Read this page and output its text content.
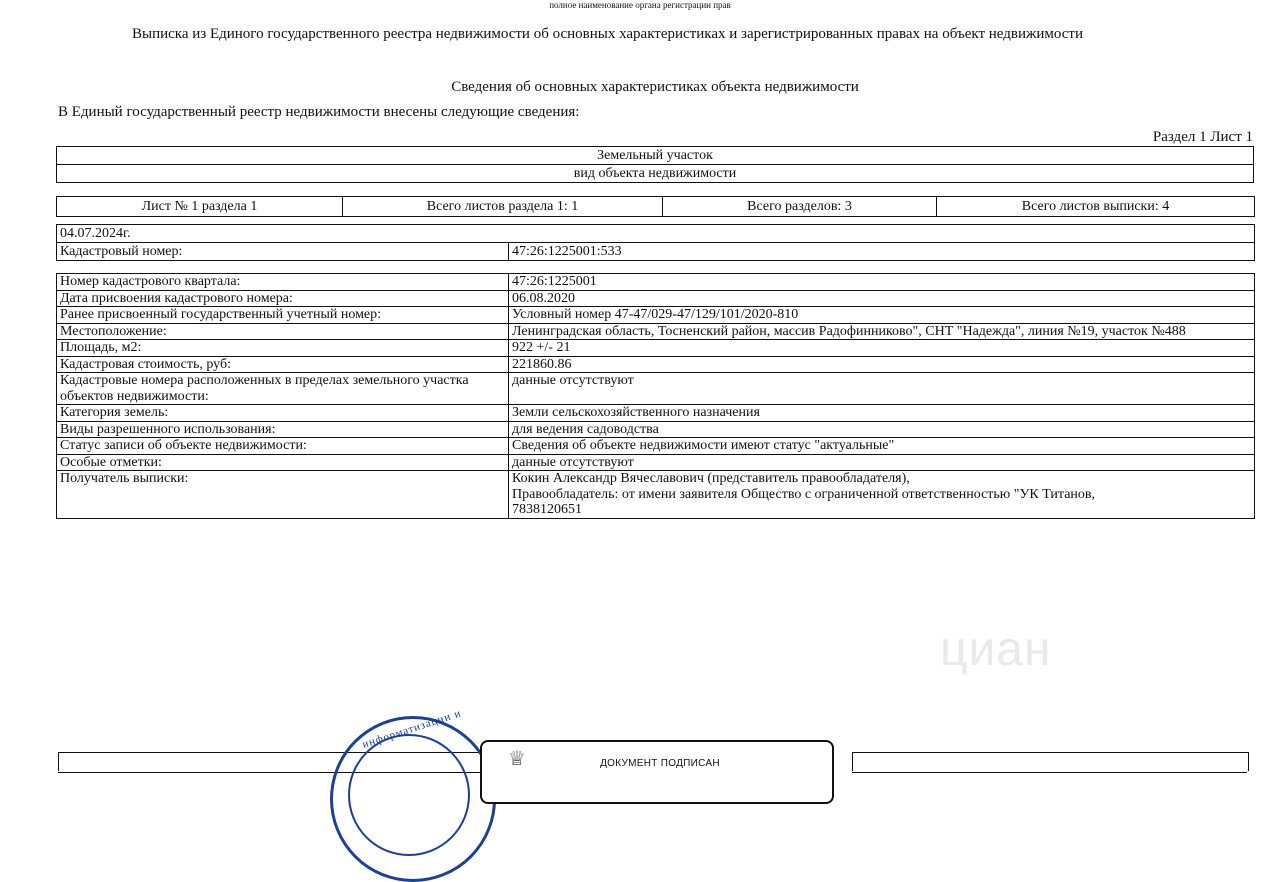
полное наименование органа регистрации прав
Выписка из Единого государственного реестра недвижимости об основных характеристиках и зарегистрированных правах на объект недвижимости
Сведения об основных характеристиках объекта недвижимости
В Единый государственный реестр недвижимости внесены следующие сведения:
Раздел 1 Лист 1
Земельный участок
вид объекта недвижимости
Лист № 1 раздела 1	Всего листов раздела 1: 1	Всего разделов: 3	Всего листов выписки: 4
04.07.2024г.
Кадастровый номер:	47:26:1225001:533
Номер кадастрового квартала:	47:26:1225001
Дата присвоения кадастрового номера:	06.08.2020
Ранее присвоенный государственный учетный номер:	Условный номер 47-47/029-47/129/101/2020-810
Местоположение:	Ленинградская область, Тосненский район, массив Радофинниково", СНТ "Надежда", линия №19, участок №488
Площадь, м2:	922 +/- 21
Кадастровая стоимость, руб:	221860.86
Кадастровые номера расположенных в пределах земельного участка объектов недвижимости:	данные отсутствуют
Категория земель:	Земли сельскохозяйственного назначения
Виды разрешенного использования:	для ведения садоводства
Статус записи об объекте недвижимости:	Сведения об объекте недвижимости имеют статус "актуальные"
Особые отметки:	данные отсутствуют
Получатель выписки:	Кокин Александр Вячеславович (представитель правообладателя),
Правообладатель: от имени заявителя Общество с ограниченной ответственностью "УК Титанов,
7838120651
циан
информатизации и
♕	ДОКУМЕНТ ПОДПИСАН
